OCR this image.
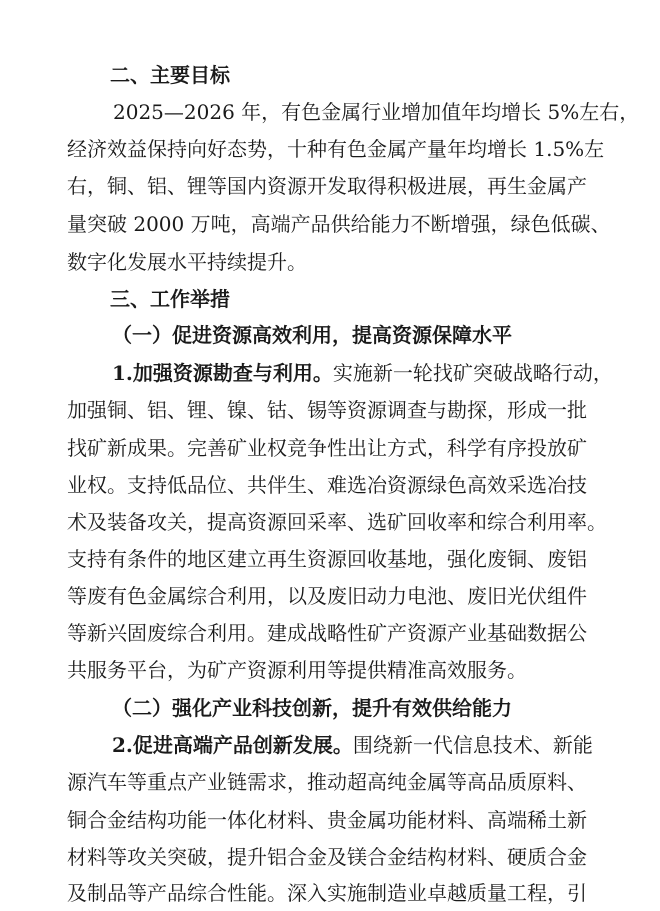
二、主要目标
2025—2026 年，有色金属行业增加值年均增长 5%左右，
经济效益保持向好态势，十种有色金属产量年均增长 1.5%左
右，铜、铝、锂等国内资源开发取得积极进展，再生金属产
量突破 2000 万吨，高端产品供给能力不断增强，绿色低碳、
数字化发展水平持续提升。
三、工作举措
（一）促进资源高效利用，提高资源保障水平
1.加强资源勘查与利用。实施新一轮找矿突破战略行动，
加强铜、铝、锂、镍、钴、锡等资源调查与勘探，形成一批
找矿新成果。完善矿业权竞争性出让方式，科学有序投放矿
业权。支持低品位、共伴生、难选冶资源绿色高效采选冶技
术及装备攻关，提高资源回采率、选矿回收率和综合利用率。
支持有条件的地区建立再生资源回收基地，强化废铜、废铝
等废有色金属综合利用，以及废旧动力电池、废旧光伏组件
等新兴固废综合利用。建成战略性矿产资源产业基础数据公
共服务平台，为矿产资源利用等提供精准高效服务。
（二）强化产业科技创新，提升有效供给能力
2.促进高端产品创新发展。围绕新一代信息技术、新能
源汽车等重点产业链需求，推动超高纯金属等高品质原料、
铜合金结构功能一体化材料、贵金属功能材料、高端稀土新
材料等攻关突破，提升铝合金及镁合金结构材料、硬质合金
及制品等产品综合性能。深入实施制造业卓越质量工程，引
